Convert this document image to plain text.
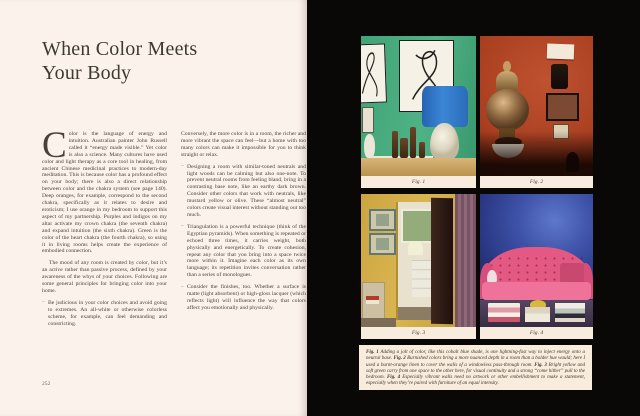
When Color Meets
Your Body

Color is the language of energy and intuition. Australian painter John Russell called it “energy made visible.” Yet color is also a science. Many cultures have used color and light therapy as a core tool in healing, from ancient Chinese medicinal practices to modern-day meditation. This is because color has a profound effect on your body; there is also a direct relationship between color and the chakra system (see page 140). Deep oranges, for example, correspond to the second chakra, specifically as it relates to desire and eroticism; I use orange in my bedroom to support this aspect of my partnership. Purples and indigos on my altar activate my crown chakra (the seventh chakra) and expand intuition (the sixth chakra). Green is the color of the heart chakra (the fourth chakra), so using it in living rooms helps create the experience of embodied connection.

The mood of any room is created by color, but it’s an active rather than passive process, defined by your awareness of the whys of your choices. Following are some general principles for bringing color into your home.

– Be judicious in your color choices and avoid going to extremes. An all-white or otherwise colorless scheme, for example, can feel demanding and constricting.

Conversely, the more color is in a room, the richer and more vibrant the space can feel—but a home with too many colors can make it impossible for you to think straight or relax.

– Designing a room with similar-toned neutrals and light woods can be calming but also one-note. To prevent neutral rooms from feeling bland, bring in a contrasting base note, like an earthy dark brown. Consider other colors that work with neutrals, like mustard yellow or olive. These “almost neutral” colors create visual interest without standing out too much.

– Triangulation is a powerful technique (think of the Egyptian pyramids). When something is repeated or echoed three times, it carries weight, both physically and energetically. To create cohesion, repeat any color that you bring into a space twice more within it. Imagine each color as its own language; its repetition invites conversation rather than a series of monologues.

– Consider the finishes, too. Whether a surface is matte (light absorbent) or high-gloss lacquer (which reflects light) will influence the way that colors affect you emotionally and physically.

252
Fig. 1	Fig. 2
Fig. 3	Fig. 4

Fig. 1 Adding a jolt of color, like this cobalt blue shade, is one lightning-fast way to inject energy onto a neutral base. Fig. 2 Burnished colors bring a more nuanced depth in a room than a bolder hue would; here I used a burnt-orange linen to cover the walls of a windowless pass-through room. Fig. 3 Bright yellow and soft green carry from one space to the other here, for visual continuity and a strong “come hither” pull to the bedroom. Fig. 4 Especially vibrant walls need no artwork or other embellishment to make a statement, especially when they’re paired with furniture of an equal intensity.
